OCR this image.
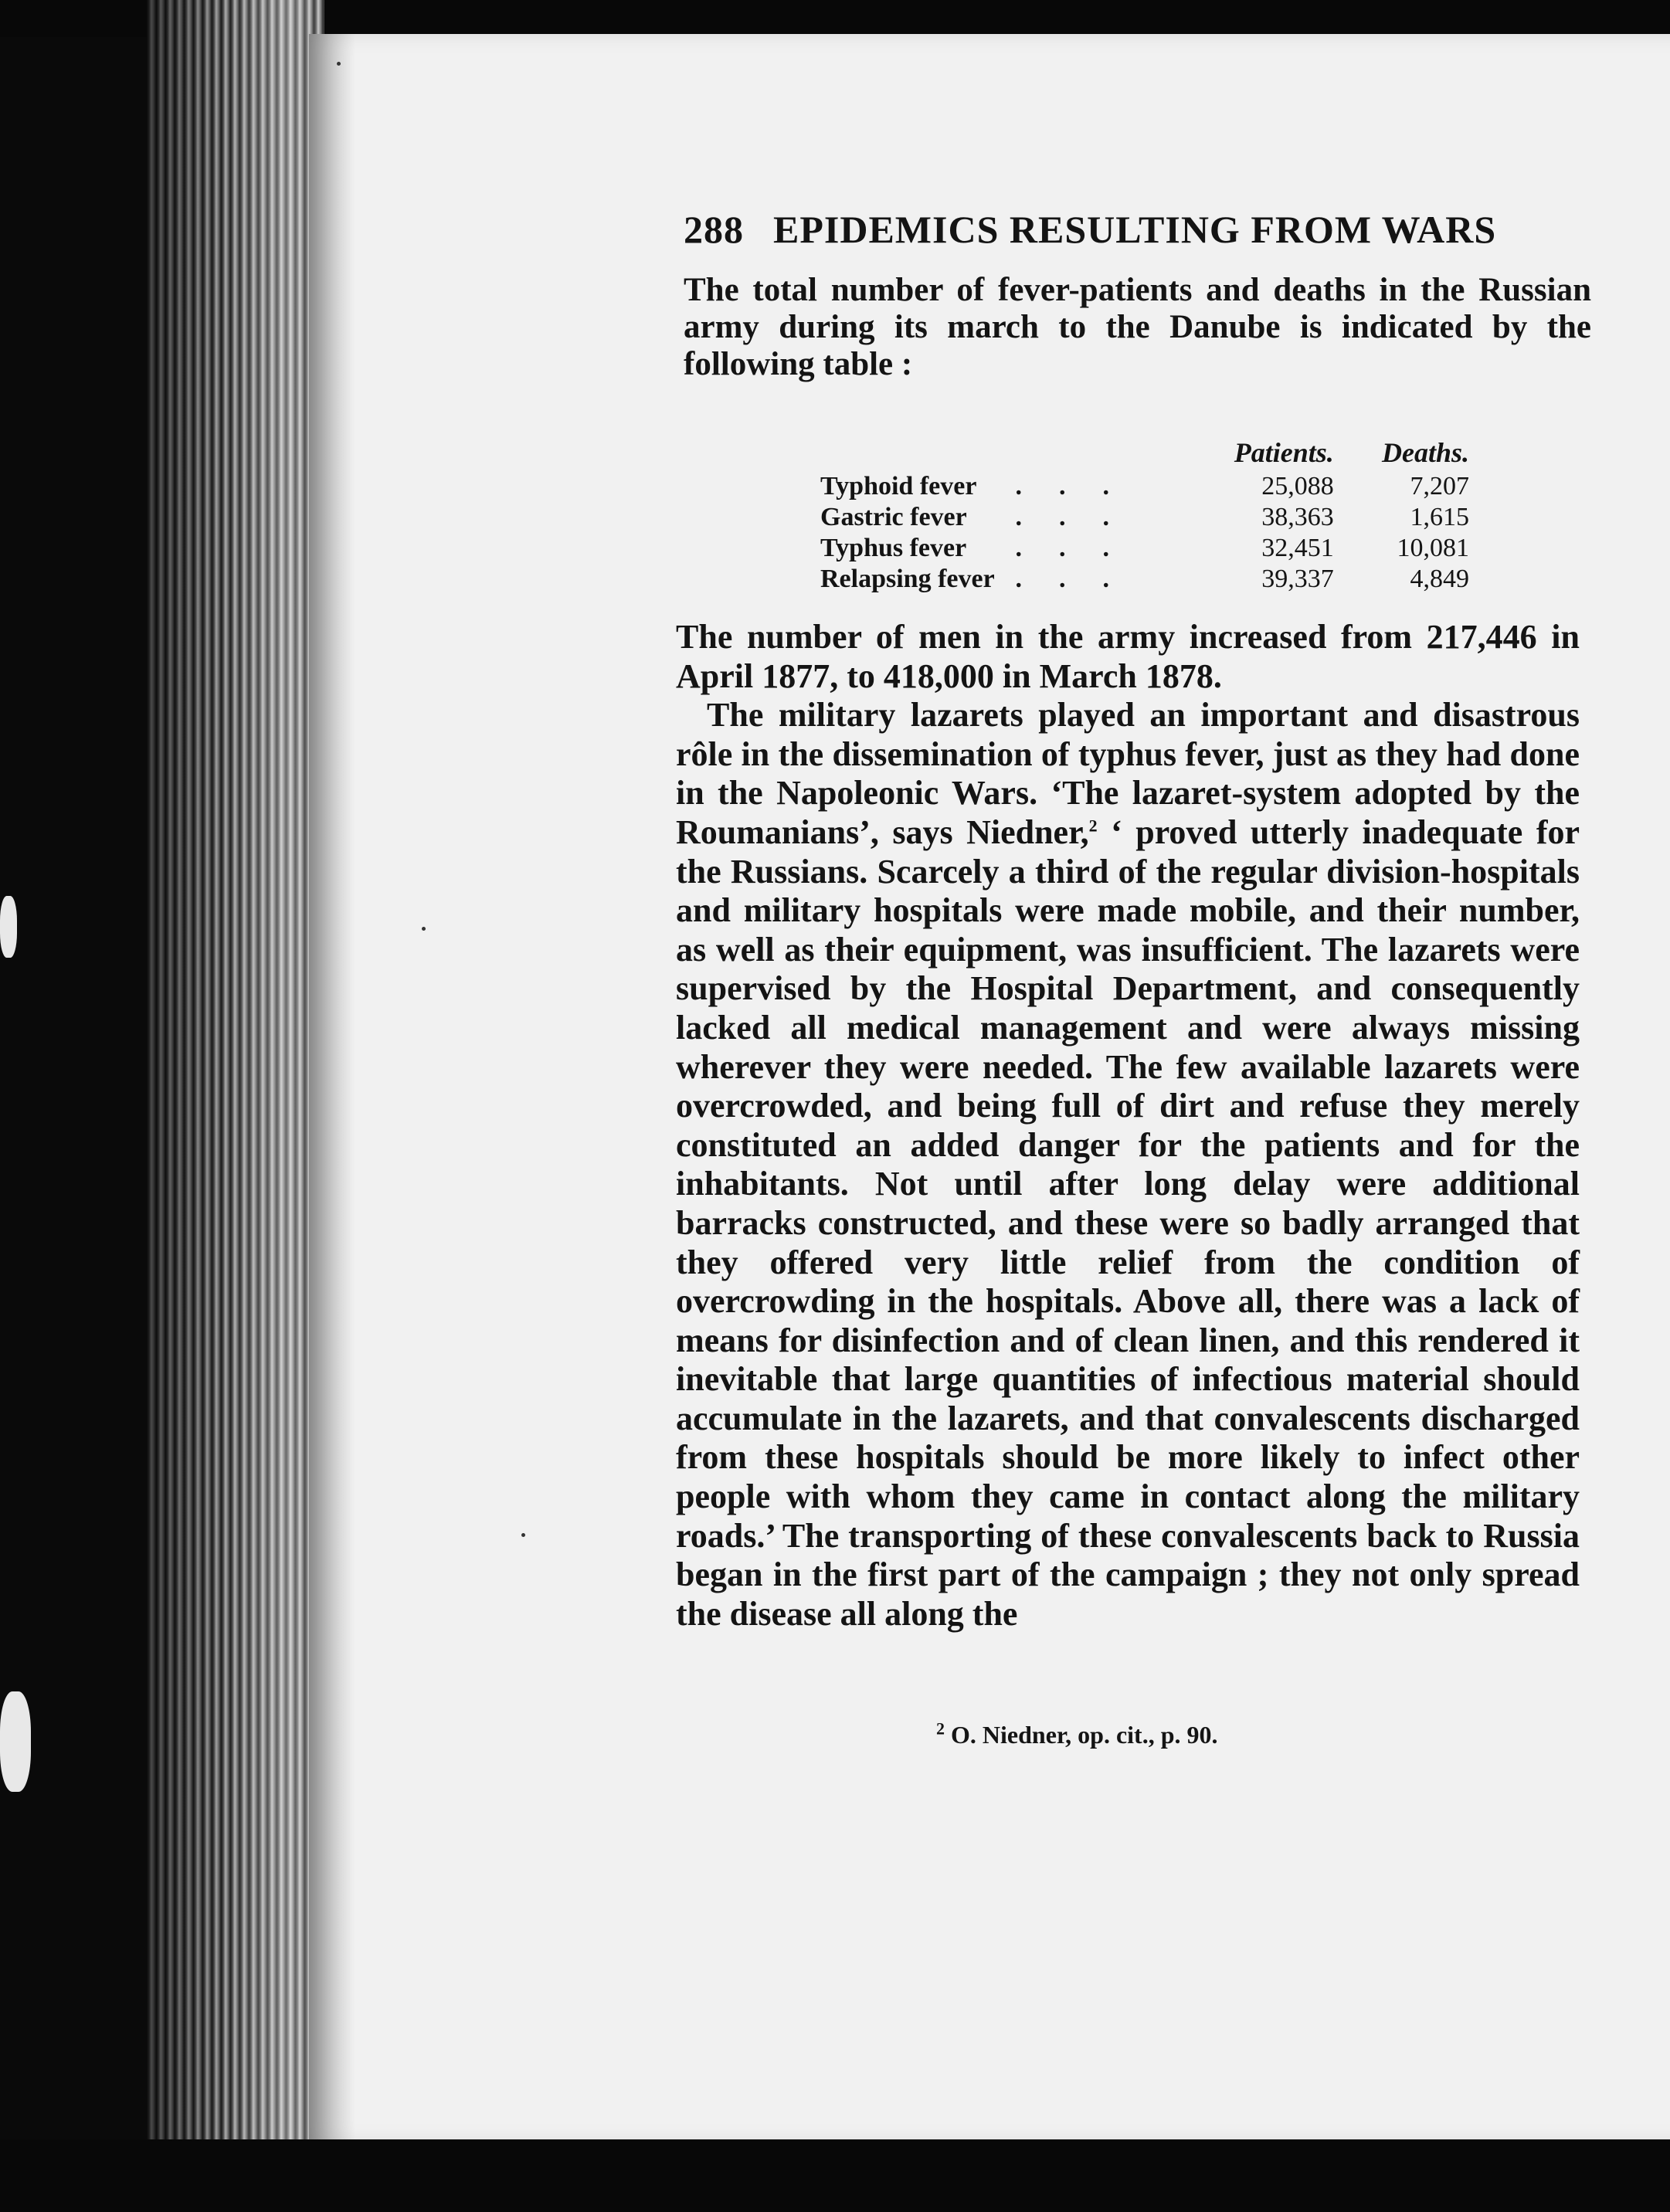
288 EPIDEMICS RESULTING FROM WARS

The total number of fever-patients and deaths in the Russian army during its march to the Danube is indicated by the following table :

		Patients.	Deaths.
Typhoid fever	...	25,088	7,207
Gastric fever	...	38,363	1,615
Typhus fever	...	32,451	10,081
Relapsing fever	...	39,337	4,849

The number of men in the army increased from 217,446 in April 1877, to 418,000 in March 1878.

The military lazarets played an important and disastrous rôle in the dissemination of typhus fever, just as they had done in the Napoleonic Wars. ‘The lazaret-system adopted by the Roumanians’, says Niedner,$^2$ ‘ proved utterly inadequate for the Russians. Scarcely a third of the regular division-hospitals and military hospitals were made mobile, and their number, as well as their equipment, was insufficient. The lazarets were supervised by the Hospital Department, and consequently lacked all medical management and were always missing wherever they were needed. The few available lazarets were overcrowded, and being full of dirt and refuse they merely constituted an added danger for the patients and for the inhabitants. Not until after long delay were additional barracks constructed, and these were so badly arranged that they offered very little relief from the condition of overcrowding in the hospitals. Above all, there was a lack of means for disinfection and of clean linen, and this rendered it inevitable that large quantities of infectious material should accumulate in the lazarets, and that convalescents discharged from these hospitals should be more likely to infect other people with whom they came in contact along the military roads.’ The transporting of these convalescents back to Russia began in the first part of the campaign ; they not only spread the disease all along the

$^2$ O. Niedner, op. cit., p. 90.
